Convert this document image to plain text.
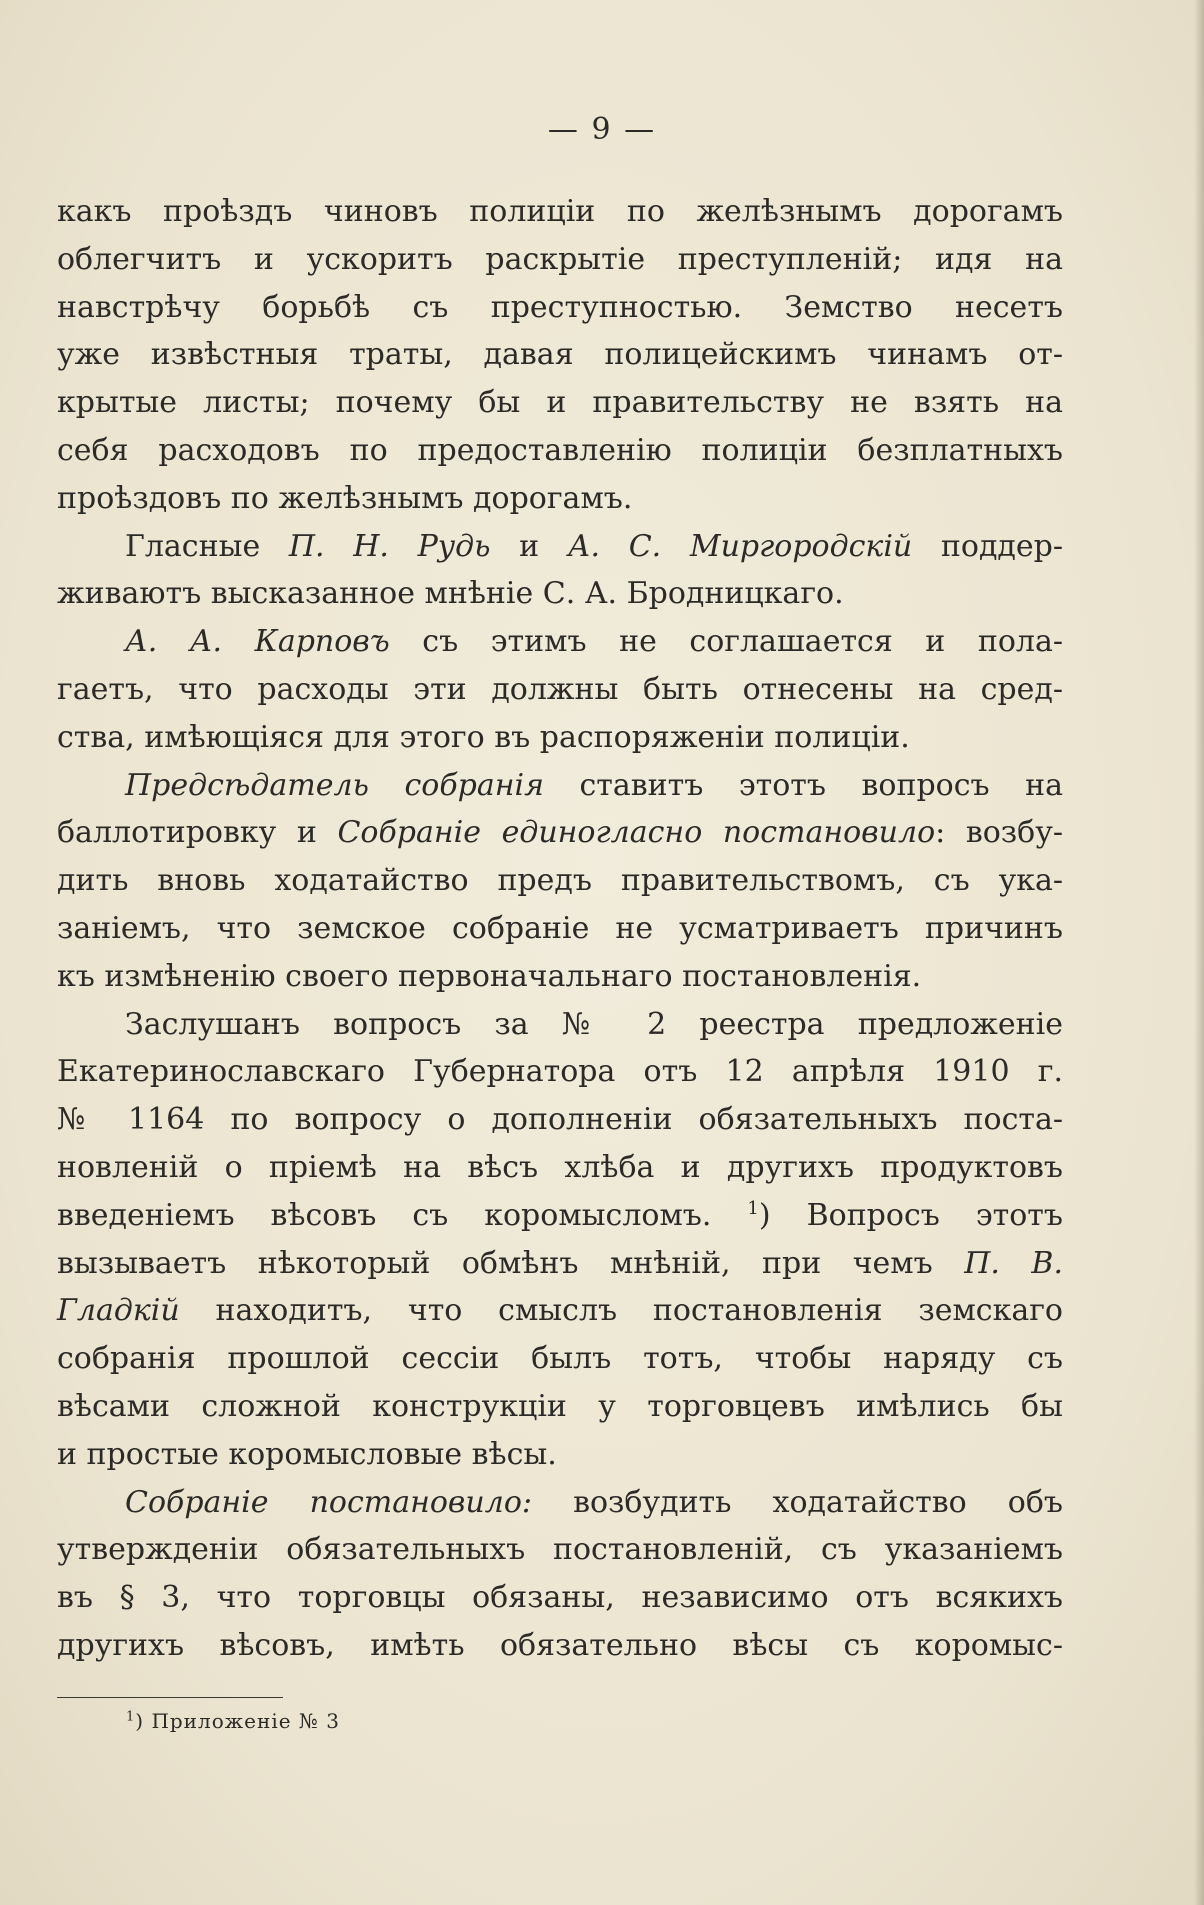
— 9 —
какъ проѣздъ чиновъ полиціи по желѣзнымъ дорогамъ
облегчитъ и ускоритъ раскрытіе преступленій; идя на
навстрѣчу борьбѣ съ преступностью. Земство несетъ
уже извѣстныя траты, давая полицейскимъ чинамъ от-
крытые листы; почему бы и правительству не взять на
себя расходовъ по предоставленію полиціи безплатныхъ
проѣздовъ по желѣзнымъ дорогамъ.
Гласные П. Н. Рудь и А. С. Миргородскій поддер-
живаютъ высказанное мнѣніе С. А. Бродницкаго.
А. А. Карповъ съ этимъ не соглашается и пола-
гаетъ, что расходы эти должны быть отнесены на сред-
ства, имѣющіяся для этого въ распоряженіи полиціи.
Предсѣдатель собранія ставитъ этотъ вопросъ на
баллотировку и Собраніе единогласно постановило: возбу-
дить вновь ходатайство предъ правительствомъ, съ ука-
заніемъ, что земское собраніе не усматриваетъ причинъ
къ измѣненію своего первоначальнаго постановленія.
Заслушанъ вопросъ за № 2 реестра предложеніе
Екатеринославскаго Губернатора отъ 12 апрѣля 1910 г.
№ 1164 по вопросу о дополненіи обязательныхъ поста-
новленій о пріемѣ на вѣсъ хлѣба и другихъ продуктовъ
введеніемъ вѣсовъ съ коромысломъ. $^1$) Вопросъ этотъ
вызываетъ нѣкоторый обмѣнъ мнѣній, при чемъ П. В.
Гладкій находитъ, что смыслъ постановленія земскаго
собранія прошлой сессіи былъ тотъ, чтобы наряду съ
вѣсами сложной конструкціи у торговцевъ имѣлись бы
и простые коромысловые вѣсы.
Собраніе постановило: возбудить ходатайство объ
утвержденіи обязательныхъ постановленій, съ указаніемъ
въ § 3, что торговцы обязаны, независимо отъ всякихъ
другихъ вѣсовъ, имѣть обязательно вѣсы съ коромыс-
$^1$) Приложеніе № 3
